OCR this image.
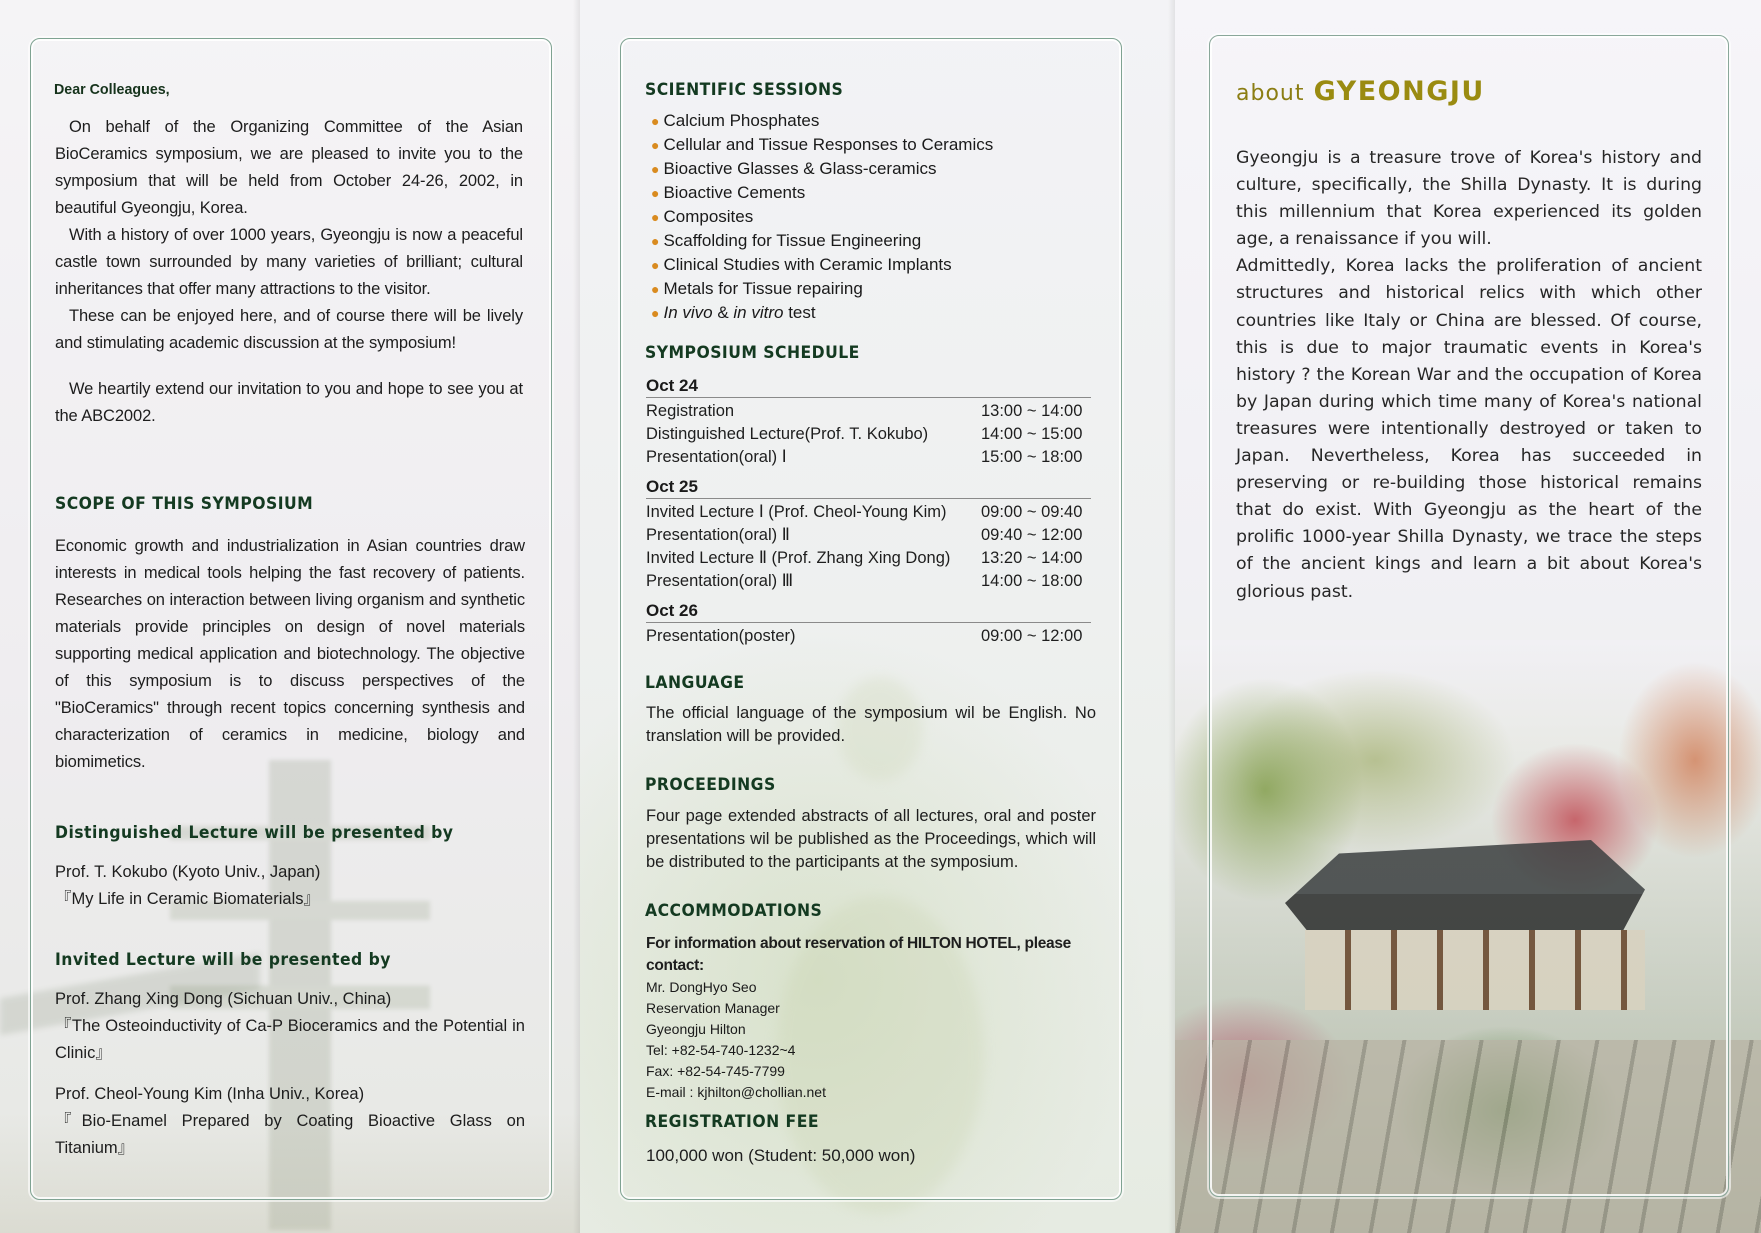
Dear Colleagues,

On behalf of the Organizing Committee of the Asian BioCeramics symposium, we are pleased to invite you to the symposium that will be held from October 24-26, 2002, in beautiful Gyeongju, Korea.

With a history of over 1000 years, Gyeongju is now a peaceful castle town surrounded by many varieties of brilliant; cultural inheritances that offer many attractions to the visitor.

These can be enjoyed here, and of course there will be lively and stimulating academic discussion at the symposium!

We heartily extend our invitation to you and hope to see you at the ABC2002.

SCOPE OF THIS SYMPOSIUM
Economic growth and industrialization in Asian countries draw interests in medical tools helping the fast recovery of patients. Researches on interaction between living organism and synthetic materials provide principles on design of novel materials supporting medical application and biotechnology. The objective of this symposium is to discuss perspectives of the "BioCeramics" through recent topics concerning synthesis and characterization of ceramics in medicine, biology and biomimetics.
Distinguished Lecture will be presented by
Prof. T. Kokubo (Kyoto Univ., Japan)
『My Life in Ceramic Biomaterials』
Invited Lecture will be presented by
Prof. Zhang Xing Dong (Sichuan Univ., China)
『The Osteoinductivity of Ca-P Bioceramics and the Potential in Clinic』
Prof. Cheol-Young Kim (Inha Univ., Korea)
『Bio-Enamel Prepared by Coating Bioactive Glass on Titanium』
SCIENTIFIC SESSIONS
● Calcium Phosphates
● Cellular and Tissue Responses to Ceramics
● Bioactive Glasses & Glass-ceramics
● Bioactive Cements
● Composites
● Scaffolding for Tissue Engineering
● Clinical Studies with Ceramic Implants
● Metals for Tissue repairing
● In vivo & in vitro test
SYMPOSIUM SCHEDULE
Oct 24
Registration	13:00 ~ 14:00
Distinguished Lecture(Prof. T. Kokubo)	14:00 ~ 15:00
Presentation(oral) Ⅰ	15:00 ~ 18:00
Oct 25
Invited Lecture Ⅰ (Prof. Cheol-Young Kim) 09:00 ~ 09:40
Presentation(oral) Ⅱ	09:40 ~ 12:00
Invited Lecture Ⅱ (Prof. Zhang Xing Dong) 13:20 ~ 14:00
Presentation(oral) Ⅲ	14:00 ~ 18:00
Oct 26
Presentation(poster)	09:00 ~ 12:00
LANGUAGE
The official language of the symposium wil be English. No translation will be provided.
PROCEEDINGS
Four page extended abstracts of all lectures, oral and poster presentations wil be published as the Proceedings, which will be distributed to the participants at the symposium.
ACCOMMODATIONS
For information about reservation of HILTON HOTEL, please contact:
Mr. DongHyo Seo
Reservation Manager
Gyeongju Hilton
Tel: +82-54-740-1232~4
Fax: +82-54-745-7799
E-mail : kjhilton@chollian.net
REGISTRATION FEE
100,000 won (Student: 50,000 won)
about GYEONGJU

Gyeongju is a treasure trove of Korea's history and culture, specifically, the Shilla Dynasty. It is during this millennium that Korea experienced its golden age, a renaissance if you will.

Admittedly, Korea lacks the proliferation of ancient structures and historical relics with which other countries like Italy or China are blessed. Of course, this is due to major traumatic events in Korea's history ? the Korean War and the occupation of Korea by Japan during which time many of Korea's national treasures were intentionally destroyed or taken to Japan. Nevertheless, Korea has succeeded in preserving or re-building those historical remains that do exist. With Gyeongju as the heart of the prolific 1000-year Shilla Dynasty, we trace the steps of the ancient kings and learn a bit about Korea's glorious past.
